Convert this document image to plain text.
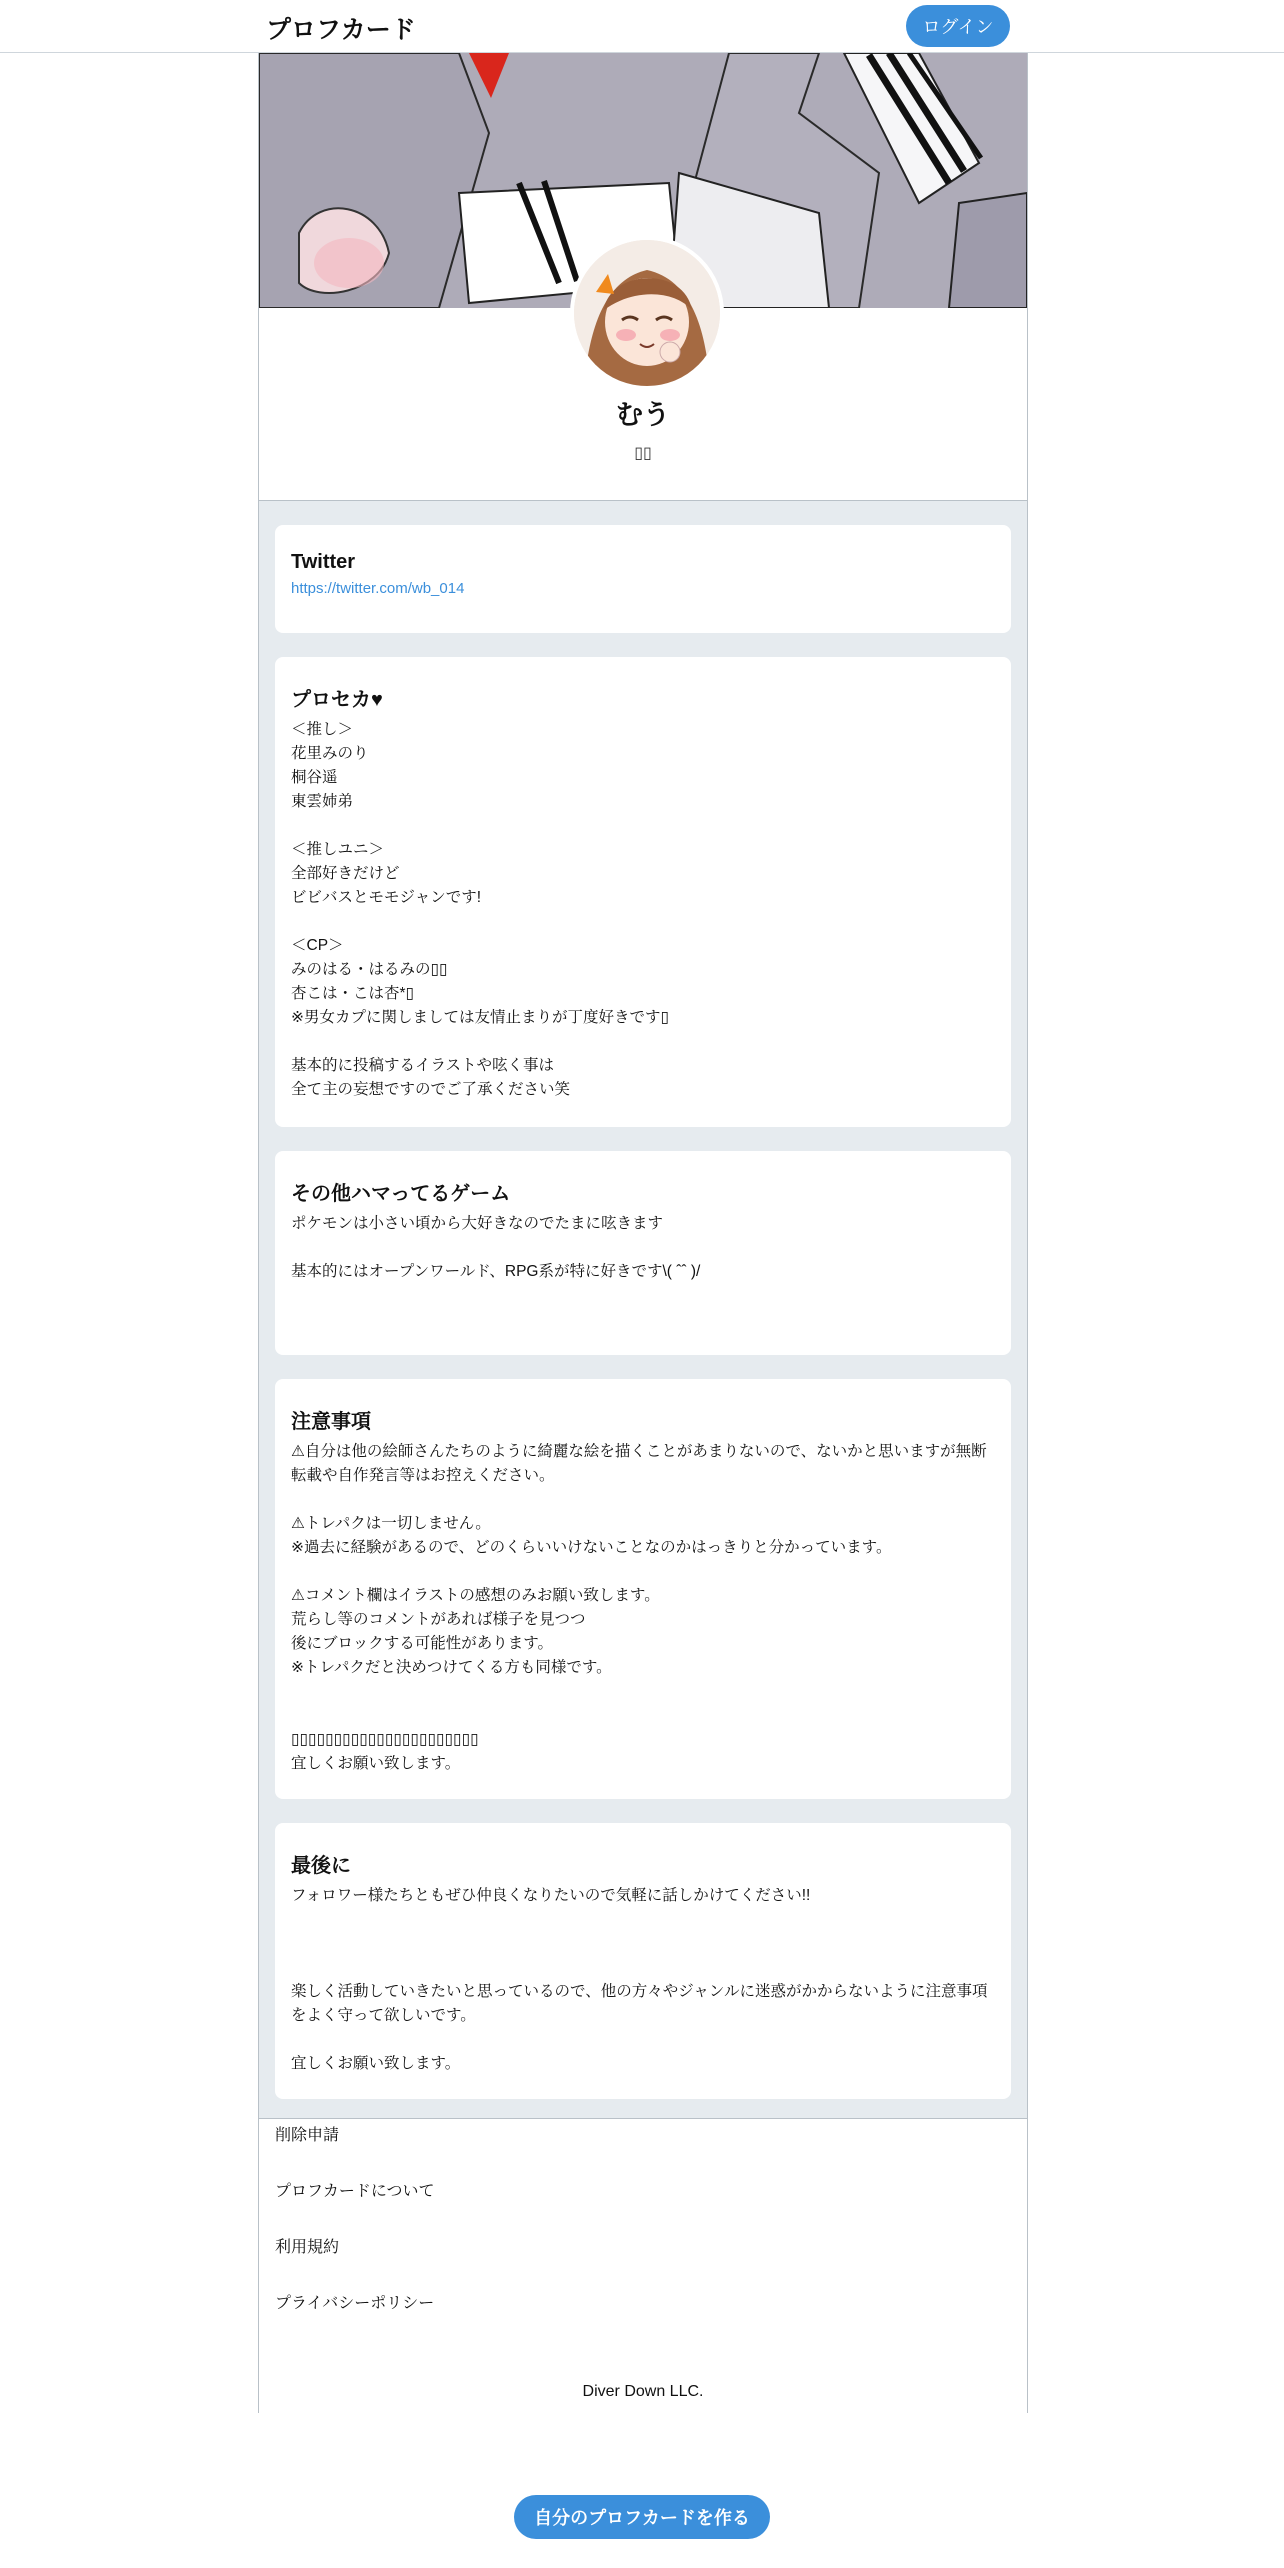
プロフカード	ログイン
むう
▯▯
Twitter
https://twitter.com/wb_014
プロセカ♥
＜推し＞
花里みのり
桐谷遥
東雲姉弟

＜推しユニ＞
全部好きだけど
ビビバスとモモジャンです!

＜CP＞
みのはる・はるみの▯▯
杏こは・こは杏*▯
※男女カプに関しましては友情止まりが丁度好きです▯

基本的に投稿するイラストや呟く事は
全て主の妄想ですのでご了承ください笑
その他ハマってるゲーム
ポケモンは小さい頃から大好きなのでたまに呟きます

基本的にはオープンワールド、RPG系が特に好きです\( ˆˆ )/
注意事項
⚠自分は他の絵師さんたちのように綺麗な絵を描くことがあまりないので、ないかと思いますが無断転載や自作発言等はお控えください。

⚠トレパクは一切しません。
※過去に経験があるので、どのくらいいけないことなのかはっきりと分かっています。

⚠コメント欄はイラストの感想のみお願い致します。
荒らし等のコメントがあれば様子を見つつ
後にブロックする可能性があります。
※トレパクだと決めつけてくる方も同様です。

▯▯▯▯▯▯▯▯▯▯▯▯▯▯▯▯▯▯▯▯▯▯
宜しくお願い致します。
最後に
フォロワー様たちともぜひ仲良くなりたいので気軽に話しかけてください!!

楽しく活動していきたいと思っているので、他の方々やジャンルに迷惑がかからないように注意事項をよく守って欲しいです。

宜しくお願い致します。
削除申請
プロフカードについて
利用規約
プライバシーポリシー
Diver Down LLC.
自分のプロフカードを作る
